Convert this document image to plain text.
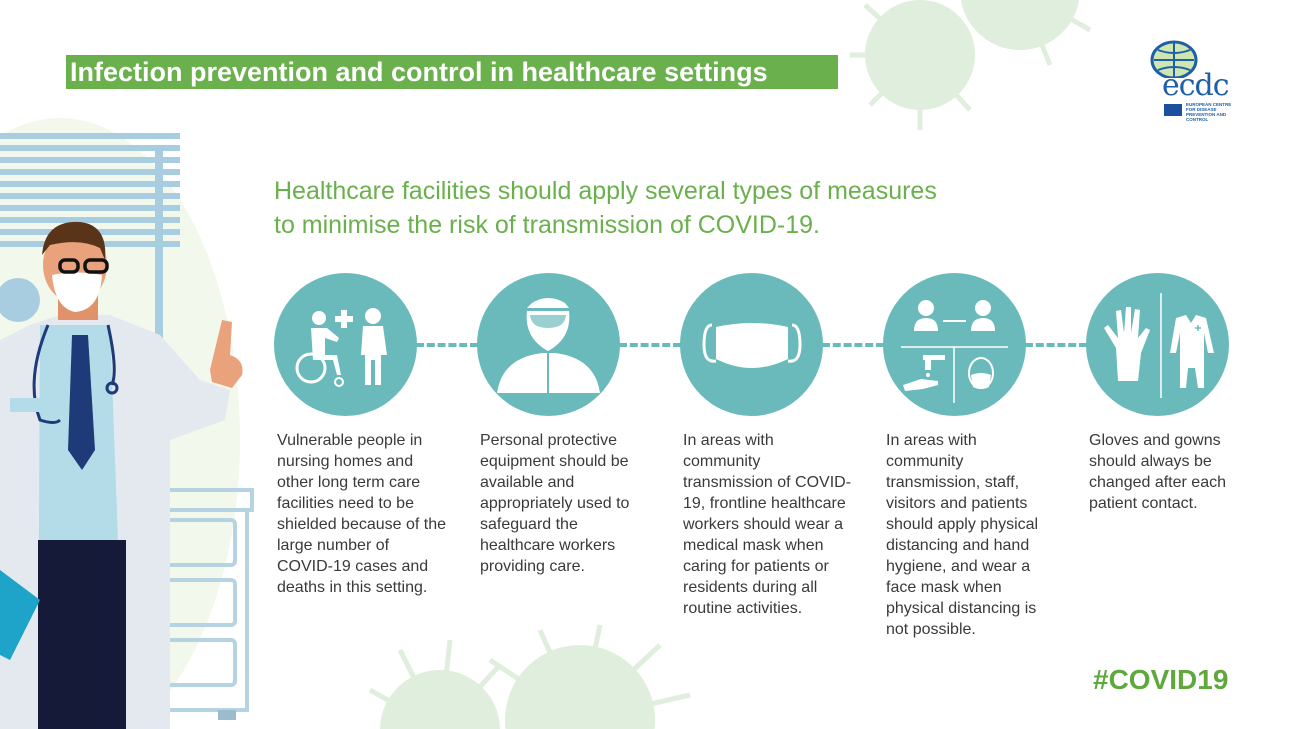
Infection prevention and control in healthcare settings	ecdc
EUROPEAN CENTRE FOR DISEASE PREVENTION AND CONTROL
Healthcare facilities should apply several types of measures
to minimise the risk of transmission of COVID-19.
Vulnerable people in nursing homes and other long term care facilities need to be shielded because of the large number of COVID-19 cases and deaths in this setting.
Personal protective equipment should be available and appropriately used to safeguard the healthcare workers providing care.
In areas with community transmission of COVID-19, frontline healthcare workers should wear a medical mask when caring for patients or residents during all routine activities.
In areas with community transmission, staff, visitors and patients should apply physical distancing and hand hygiene, and wear a face mask when physical distancing is not possible.
Gloves and gowns should always be changed after each patient contact.
#COVID19
